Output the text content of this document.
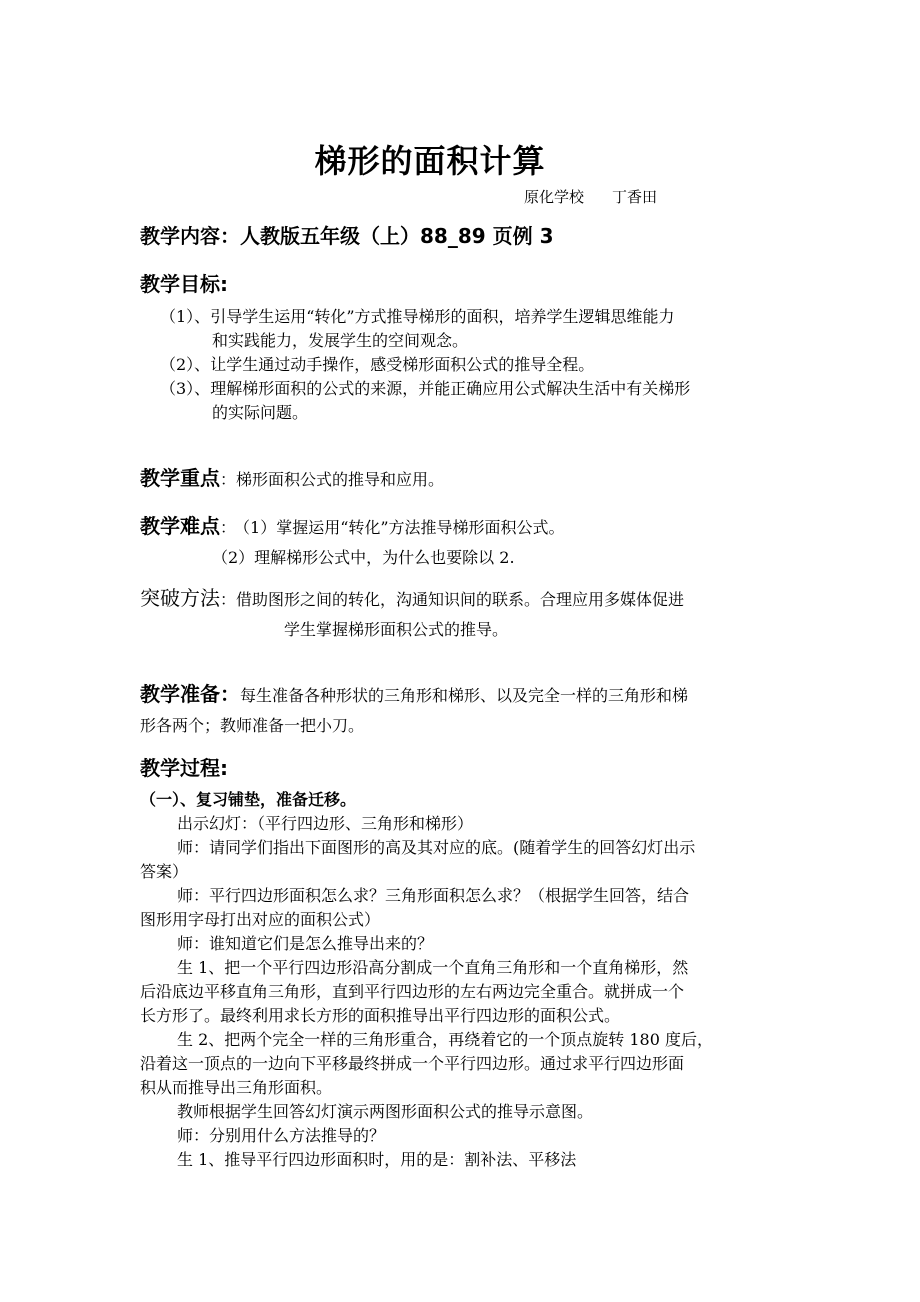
梯形的面积计算
原化学校 丁香田
教学内容：人教版五年级（上）88_89 页例 3
教学目标:
（1）、引导学生运用“转化”方式推导梯形的面积，培养学生逻辑思维能力
和实践能力，发展学生的空间观念。
（2）、让学生通过动手操作，感受梯形面积公式的推导全程。
（3）、理解梯形面积的公式的来源，并能正确应用公式解决生活中有关梯形
的实际问题。
教学重点：梯形面积公式的推导和应用。
教学难点： （1）掌握运用“转化”方法推导梯形面积公式。
（2）理解梯形公式中，为什么也要除以 2.
突破方法：借助图形之间的转化，沟通知识间的联系。合理应用多媒体促进
学生掌握梯形面积公式的推导。
教学准备：每生准备各种形状的三角形和梯形、以及完全一样的三角形和梯
形各两个；教师准备一把小刀。
教学过程:
（一）、复习铺垫，准备迁移。
出示幻灯：（平行四边形、三角形和梯形）
师：请同学们指出下面图形的高及其对应的底。(随着学生的回答幻灯出示
答案）
师：平行四边形面积怎么求？三角形面积怎么求？（根据学生回答，结合
图形用字母打出对应的面积公式）
师：谁知道它们是怎么推导出来的？
生 1、把一个平行四边形沿高分割成一个直角三角形和一个直角梯形，然
后沿底边平移直角三角形，直到平行四边形的左右两边完全重合。就拼成一个
长方形了。最终利用求长方形的面积推导出平行四边形的面积公式。
生 2、把两个完全一样的三角形重合，再绕着它的一个顶点旋转 180 度后，
沿着这一顶点的一边向下平移最终拼成一个平行四边形。通过求平行四边形面
积从而推导出三角形面积。
教师根据学生回答幻灯演示两图形面积公式的推导示意图。
师：分别用什么方法推导的？
生 1、推导平行四边形面积时，用的是：割补法、平移法
